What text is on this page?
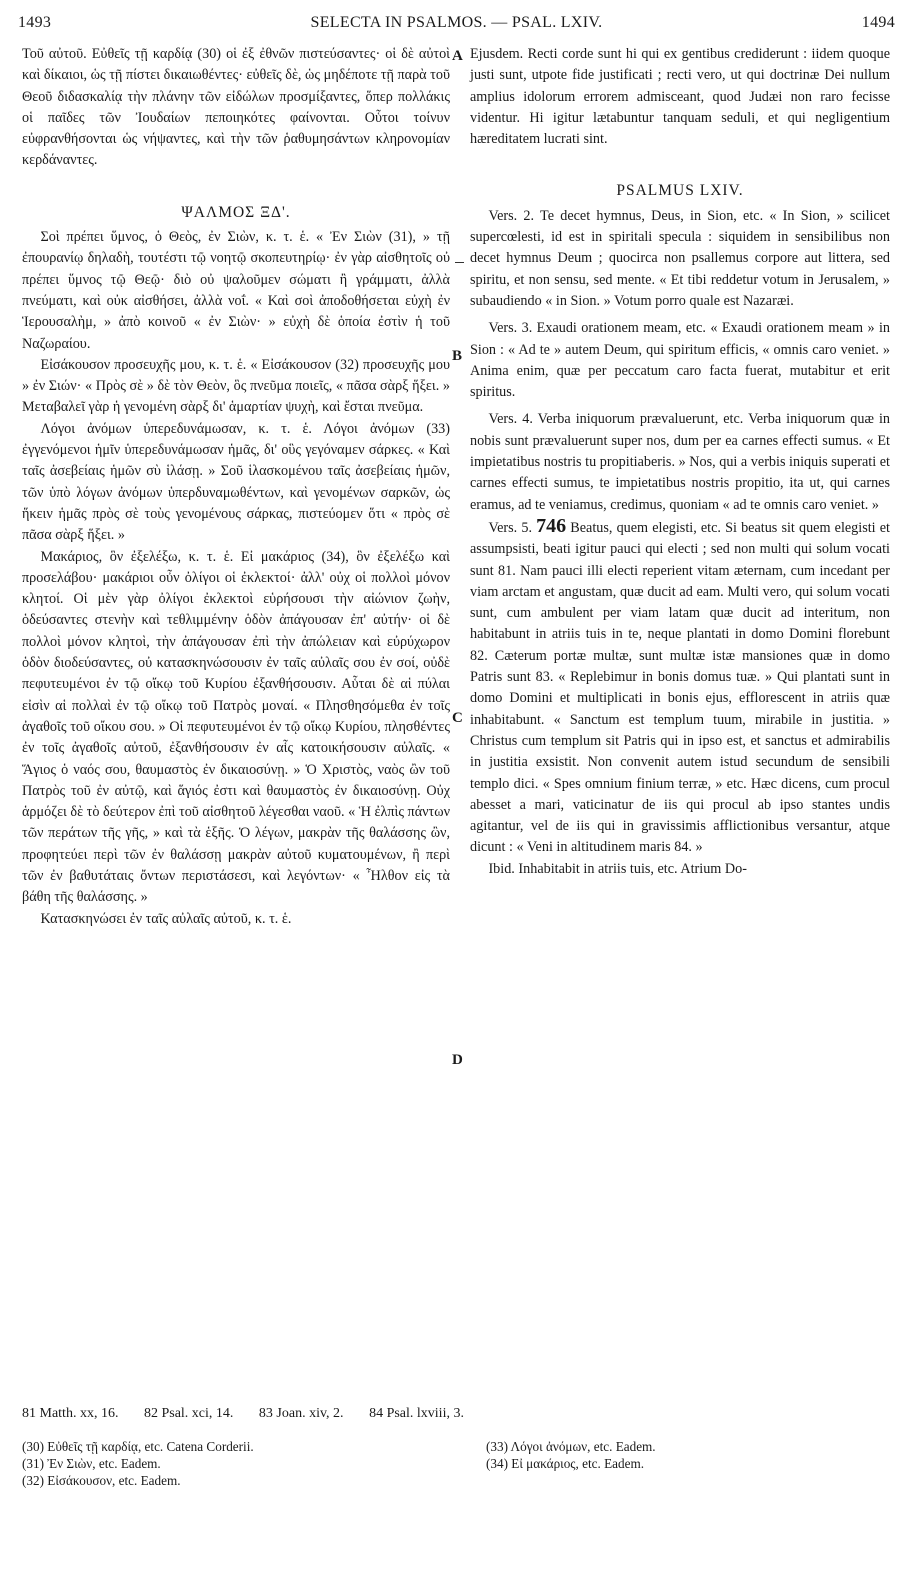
1493	SELECTA IN PSALMOS. — PSAL. LXIV.	1494
A
B
C
D

Τοῦ αὐτοῦ. Εὐθεῖς τῇ καρδίᾳ (30) οἱ ἐξ ἐθνῶν πιστεύσαντες· οἱ δὲ αὐτοὶ καὶ δίκαιοι, ὡς τῇ πίστει δικαιωθέντες· εὐθεῖς δὲ, ὡς μηδέποτε τῇ παρὰ τοῦ Θεοῦ διδασκαλίᾳ τὴν πλάνην τῶν εἰδώλων προσμίξαντες, ὅπερ πολλάκις οἱ παῖδες τῶν Ἰουδαίων πεποιηκότες φαίνονται. Οὗτοι τοίνυν εὐφρανθήσονται ὡς νήψαντες, καὶ τὴν τῶν ῥαθυμησάντων κληρονομίαν κερδάναντες.

ΨΑΛΜΟΣ ΞΔ'.

Σοὶ πρέπει ὕμνος, ὁ Θεὸς, ἐν Σιὼν, κ. τ. ἑ. « Ἐν Σιὼν (31), » τῇ ἐπουρανίῳ δηλαδὴ, τουτέστι τῷ νοητῷ σκοπευτηρίῳ· ἐν γὰρ αἰσθητοῖς οὐ πρέπει ὕμνος τῷ Θεῷ· διὸ οὐ ψαλοῦμεν σώματι ἢ γράμματι, ἀλλὰ πνεύματι, καὶ οὐκ αἰσθήσει, ἀλλὰ νοΐ. « Καὶ σοὶ ἀποδοθήσεται εὐχὴ ἐν Ἱερουσαλὴμ, » ἀπὸ κοινοῦ « ἐν Σιὼν· » εὐχὴ δὲ ὁποία ἐστὶν ἡ τοῦ Ναζωραίου.

Εἰσάκουσον προσευχῆς μου, κ. τ. ἑ. « Εἰσάκουσον (32) προσευχῆς μου » ἐν Σιών· « Πρὸς σὲ » δὲ τὸν Θεὸν, ὃς πνεῦμα ποιεῖς, « πᾶσα σὰρξ ἥξει. » Μεταβαλεῖ γὰρ ἡ γενομένη σὰρξ δι' ἁμαρτίαν ψυχὴ, καὶ ἔσται πνεῦμα.

Λόγοι ἀνόμων ὑπερεδυνάμωσαν, κ. τ. ἑ. Λόγοι ἀνόμων (33) ἐγγενόμενοι ἡμῖν ὑπερεδυνάμωσαν ἡμᾶς, δι' οὓς γεγόναμεν σάρκες. « Καὶ ταῖς ἀσεβείαις ἡμῶν σὺ ἱλάσῃ. » Σοῦ ἱλασκομένου ταῖς ἀσεβείαις ἡμῶν, τῶν ὑπὸ λόγων ἀνόμων ὑπερδυναμωθέντων, καὶ γενομένων σαρκῶν, ὡς ἥκειν ἡμᾶς πρὸς σὲ τοὺς γενομένους σάρκας, πιστεύομεν ὅτι « πρὸς σὲ πᾶσα σὰρξ ἥξει. »

Μακάριος, ὃν ἐξελέξω, κ. τ. ἑ. Εἰ μακάριος (34), ὃν ἐξελέξω καὶ προσελάβου· μακάριοι οὖν ὀλίγοι οἱ ἐκλεκτοί· ἀλλ' οὐχ οἱ πολλοὶ μόνον κλητοί. Οἱ μὲν γὰρ ὀλίγοι ἐκλεκτοὶ εὑρήσουσι τὴν αἰώνιον ζωὴν, ὁδεύσαντες στενὴν καὶ τεθλιμμένην ὁδὸν ἀπάγουσαν ἐπ' αὐτήν· οἱ δὲ πολλοὶ μόνον κλητοὶ, τὴν ἀπάγουσαν ἐπὶ τὴν ἀπώλειαν καὶ εὐρύχωρον ὁδὸν διοδεύσαντες, οὐ κατασκηνώσουσιν ἐν ταῖς αὐλαῖς σου ἐν σοί, οὐδὲ πεφυτευμένοι ἐν τῷ οἴκῳ τοῦ Κυρίου ἐξανθήσουσιν. Αὗται δὲ αἱ πύλαι εἰσὶν αἱ πολλαὶ ἐν τῷ οἴκῳ τοῦ Πατρὸς μοναί. « Πλησθησόμεθα ἐν τοῖς ἀγαθοῖς τοῦ οἴκου σου. » Οἱ πεφυτευμένοι ἐν τῷ οἴκῳ Κυρίου, πλησθέντες ἐν τοῖς ἀγαθοῖς αὐτοῦ, ἐξανθήσουσιν ἐν αἷς κατοικήσουσιν αὐλαῖς. « Ἅγιος ὁ ναός σου, θαυμαστὸς ἐν δικαιοσύνῃ. » Ὁ Χριστὸς, ναὸς ὢν τοῦ Πατρὸς τοῦ ἐν αὐτῷ, καὶ ἅγιός ἐστι καὶ θαυμαστὸς ἐν δικαιοσύνῃ. Οὐχ ἁρμόζει δὲ τὸ δεύτερον ἐπὶ τοῦ αἰσθητοῦ λέγεσθαι ναοῦ. « Ἡ ἐλπὶς πάντων τῶν περάτων τῆς γῆς, » καὶ τὰ ἑξῆς. Ὁ λέγων, μακρὰν τῆς θαλάσσης ὢν, προφητεύει περὶ τῶν ἐν θαλάσσῃ μακρὰν αὐτοῦ κυματουμένων, ἢ περὶ τῶν ἐν βαθυτάταις ὄντων περιστάσεσι, καὶ λεγόντων· « Ἦλθον εἰς τὰ βάθη τῆς θαλάσσης. »

Κατασκηνώσει ἐν ταῖς αὐλαῖς αὐτοῦ, κ. τ. ἑ.

Ejusdem. Recti corde sunt hi qui ex gentibus crediderunt : iidem quoque justi sunt, utpote fide justificati ; recti vero, ut qui doctrinæ Dei nullum amplius idolorum errorem admisceant, quod Judæi non raro fecisse videntur. Hi igitur lætabuntur tanquam seduli, et qui negligentium hæreditatem lucrati sint.

PSALMUS LXIV.

Vers. 2. Te decet hymnus, Deus, in Sion, etc. « In Sion, » scilicet supercœlesti, id est in spiritali specula : siquidem in sensibilibus non decet hymnus Deum ; quocirca non psallemus corpore aut littera, sed spiritu, et non sensu, sed mente. « Et tibi reddetur votum in Jerusalem, » subaudiendo « in Sion. » Votum porro quale est Nazaræi.

Vers. 3. Exaudi orationem meam, etc. « Exaudi orationem meam » in Sion : « Ad te » autem Deum, qui spiritum efficis, « omnis caro veniet. » Anima enim, quæ per peccatum caro facta fuerat, mutabitur et erit spiritus.

Vers. 4. Verba iniquorum prævaluerunt, etc. Verba iniquorum quæ in nobis sunt prævaluerunt super nos, dum per ea carnes effecti sumus. « Et impietatibus nostris tu propitiaberis. » Nos, qui a verbis iniquis superati et carnes effecti sumus, te impietatibus nostris propitio, ita ut, qui carnes eramus, ad te veniamus, credimus, quoniam « ad te omnis caro veniet. »

Vers. 5. 746 Beatus, quem elegisti, etc. Si beatus sit quem elegisti et assumpsisti, beati igitur pauci qui electi ; sed non multi qui solum vocati sunt 81. Nam pauci illi electi reperient vitam æternam, cum incedant per viam arctam et angustam, quæ ducit ad eam. Multi vero, qui solum vocati sunt, cum ambulent per viam latam quæ ducit ad interitum, non habitabunt in atriis tuis in te, neque plantati in domo Domini florebunt 82. Cæterum portæ multæ, sunt multæ istæ mansiones quæ in domo Patris sunt 83. « Replebimur in bonis domus tuæ. » Qui plantati sunt in domo Domini et multiplicati in bonis ejus, efflorescent in atriis quæ inhabitabunt. « Sanctum est templum tuum, mirabile in justitia. » Christus cum templum sit Patris qui in ipso est, et sanctus et admirabilis in justitia exsistit. Non convenit autem istud secundum de sensibili templo dici. « Spes omnium finium terræ, » etc. Hæc dicens, cum procul abesset a mari, vaticinatur de iis qui procul ab ipso stantes undis agitantur, vel de iis qui in gravissimis afflictionibus versantur, atque dicunt : « Veni in altitudinem maris 84. »

Ibid. Inhabitabit in atriis tuis, etc. Atrium Do-

81 Matth. xx, 16. 82 Psal. xci, 14. 83 Joan. xiv, 2. 84 Psal. lxviii, 3.
(30) Εὐθεῖς τῇ καρδίᾳ, etc. Catena Corderii.
(31) Ἐν Σιὼν, etc. Eadem.
(32) Εἰσάκουσον, etc. Eadem.
(33) Λόγοι ἀνόμων, etc. Eadem.
(34) Εἰ μακάριος, etc. Eadem.
